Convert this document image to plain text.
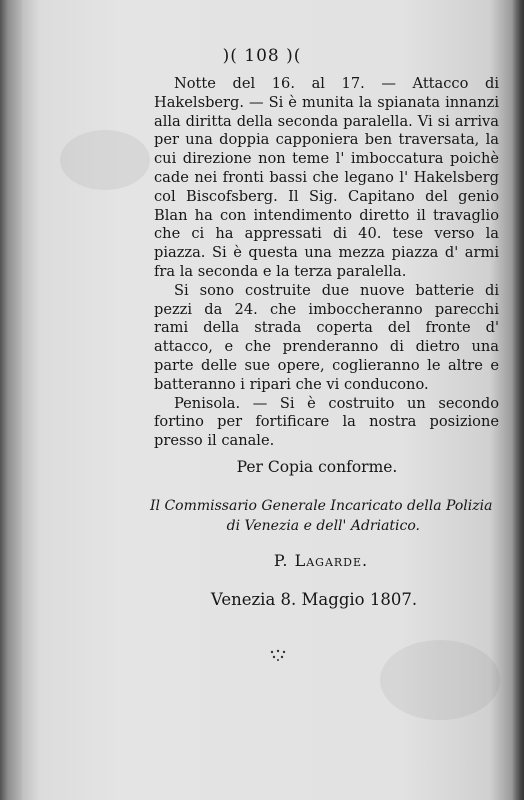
)( 108 )(

Notte del 16. al 17. — Attacco di Hakelsberg. — Si è munita la spianata innanzi alla diritta della seconda paralella. Vi si arriva per una doppia capponiera ben traversata, la cui direzione non teme l' imboccatura poichè cade nei fronti bassi che legano l' Hakelsberg col Biscofsberg. Il Sig. Capitano del genio Blan ha con intendimento diretto il travaglio che ci ha appressati di 40. tese verso la piazza. Si è questa una mezza piazza d' armi fra la seconda e la terza paralella.

Si sono costruite due nuove batterie di pezzi da 24. che imboccheranno parecchi rami della strada coperta del fronte d' attacco, e che prenderanno di dietro una parte delle sue opere, coglieranno le altre e batteranno i ripari che vi conducono.

Penisola. — Si è costruito un secondo fortino per fortificare la nostra posizione presso il canale.

Per Copia conforme.
Il Commissario Generale Incaricato della Polizia
di Venezia e dell' Adriatico.
P. Lagarde.
Venezia 8. Maggio 1807.
